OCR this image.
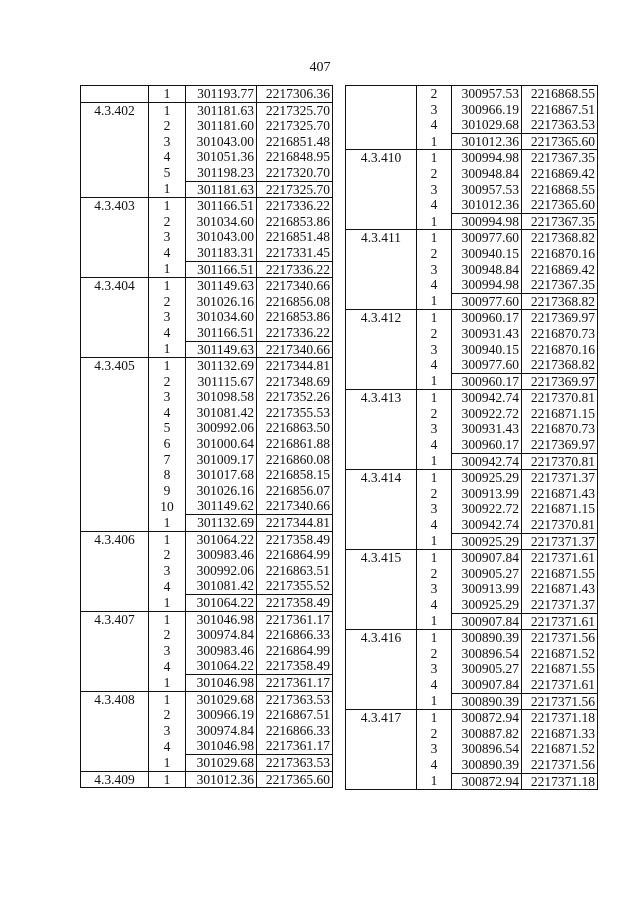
407
	1	301193.77	2217306.36
4.3.402	1	301181.63	2217325.70
	2	301181.60	2217325.70
	3	301043.00	2216851.48
	4	301051.36	2216848.95
	5	301198.23	2217320.70
	1	301181.63	2217325.70
4.3.403	1	301166.51	2217336.22
	2	301034.60	2216853.86
	3	301043.00	2216851.48
	4	301183.31	2217331.45
	1	301166.51	2217336.22
4.3.404	1	301149.63	2217340.66
	2	301026.16	2216856.08
	3	301034.60	2216853.86
	4	301166.51	2217336.22
	1	301149.63	2217340.66
4.3.405	1	301132.69	2217344.81
	2	301115.67	2217348.69
	3	301098.58	2217352.26
	4	301081.42	2217355.53
	5	300992.06	2216863.50
	6	301000.64	2216861.88
	7	301009.17	2216860.08
	8	301017.68	2216858.15
	9	301026.16	2216856.07
	10	301149.62	2217340.66
	1	301132.69	2217344.81
4.3.406	1	301064.22	2217358.49
	2	300983.46	2216864.99
	3	300992.06	2216863.51
	4	301081.42	2217355.52
	1	301064.22	2217358.49
4.3.407	1	301046.98	2217361.17
	2	300974.84	2216866.33
	3	300983.46	2216864.99
	4	301064.22	2217358.49
	1	301046.98	2217361.17
4.3.408	1	301029.68	2217363.53
	2	300966.19	2216867.51
	3	300974.84	2216866.33
	4	301046.98	2217361.17
	1	301029.68	2217363.53
4.3.409	1	301012.36	2217365.60
	2	300957.53	2216868.55
	3	300966.19	2216867.51
	4	301029.68	2217363.53
	1	301012.36	2217365.60
4.3.410	1	300994.98	2217367.35
	2	300948.84	2216869.42
	3	300957.53	2216868.55
	4	301012.36	2217365.60
	1	300994.98	2217367.35
4.3.411	1	300977.60	2217368.82
	2	300940.15	2216870.16
	3	300948.84	2216869.42
	4	300994.98	2217367.35
	1	300977.60	2217368.82
4.3.412	1	300960.17	2217369.97
	2	300931.43	2216870.73
	3	300940.15	2216870.16
	4	300977.60	2217368.82
	1	300960.17	2217369.97
4.3.413	1	300942.74	2217370.81
	2	300922.72	2216871.15
	3	300931.43	2216870.73
	4	300960.17	2217369.97
	1	300942.74	2217370.81
4.3.414	1	300925.29	2217371.37
	2	300913.99	2216871.43
	3	300922.72	2216871.15
	4	300942.74	2217370.81
	1	300925.29	2217371.37
4.3.415	1	300907.84	2217371.61
	2	300905.27	2216871.55
	3	300913.99	2216871.43
	4	300925.29	2217371.37
	1	300907.84	2217371.61
4.3.416	1	300890.39	2217371.56
	2	300896.54	2216871.52
	3	300905.27	2216871.55
	4	300907.84	2217371.61
	1	300890.39	2217371.56
4.3.417	1	300872.94	2217371.18
	2	300887.82	2216871.33
	3	300896.54	2216871.52
	4	300890.39	2217371.56
	1	300872.94	2217371.18
